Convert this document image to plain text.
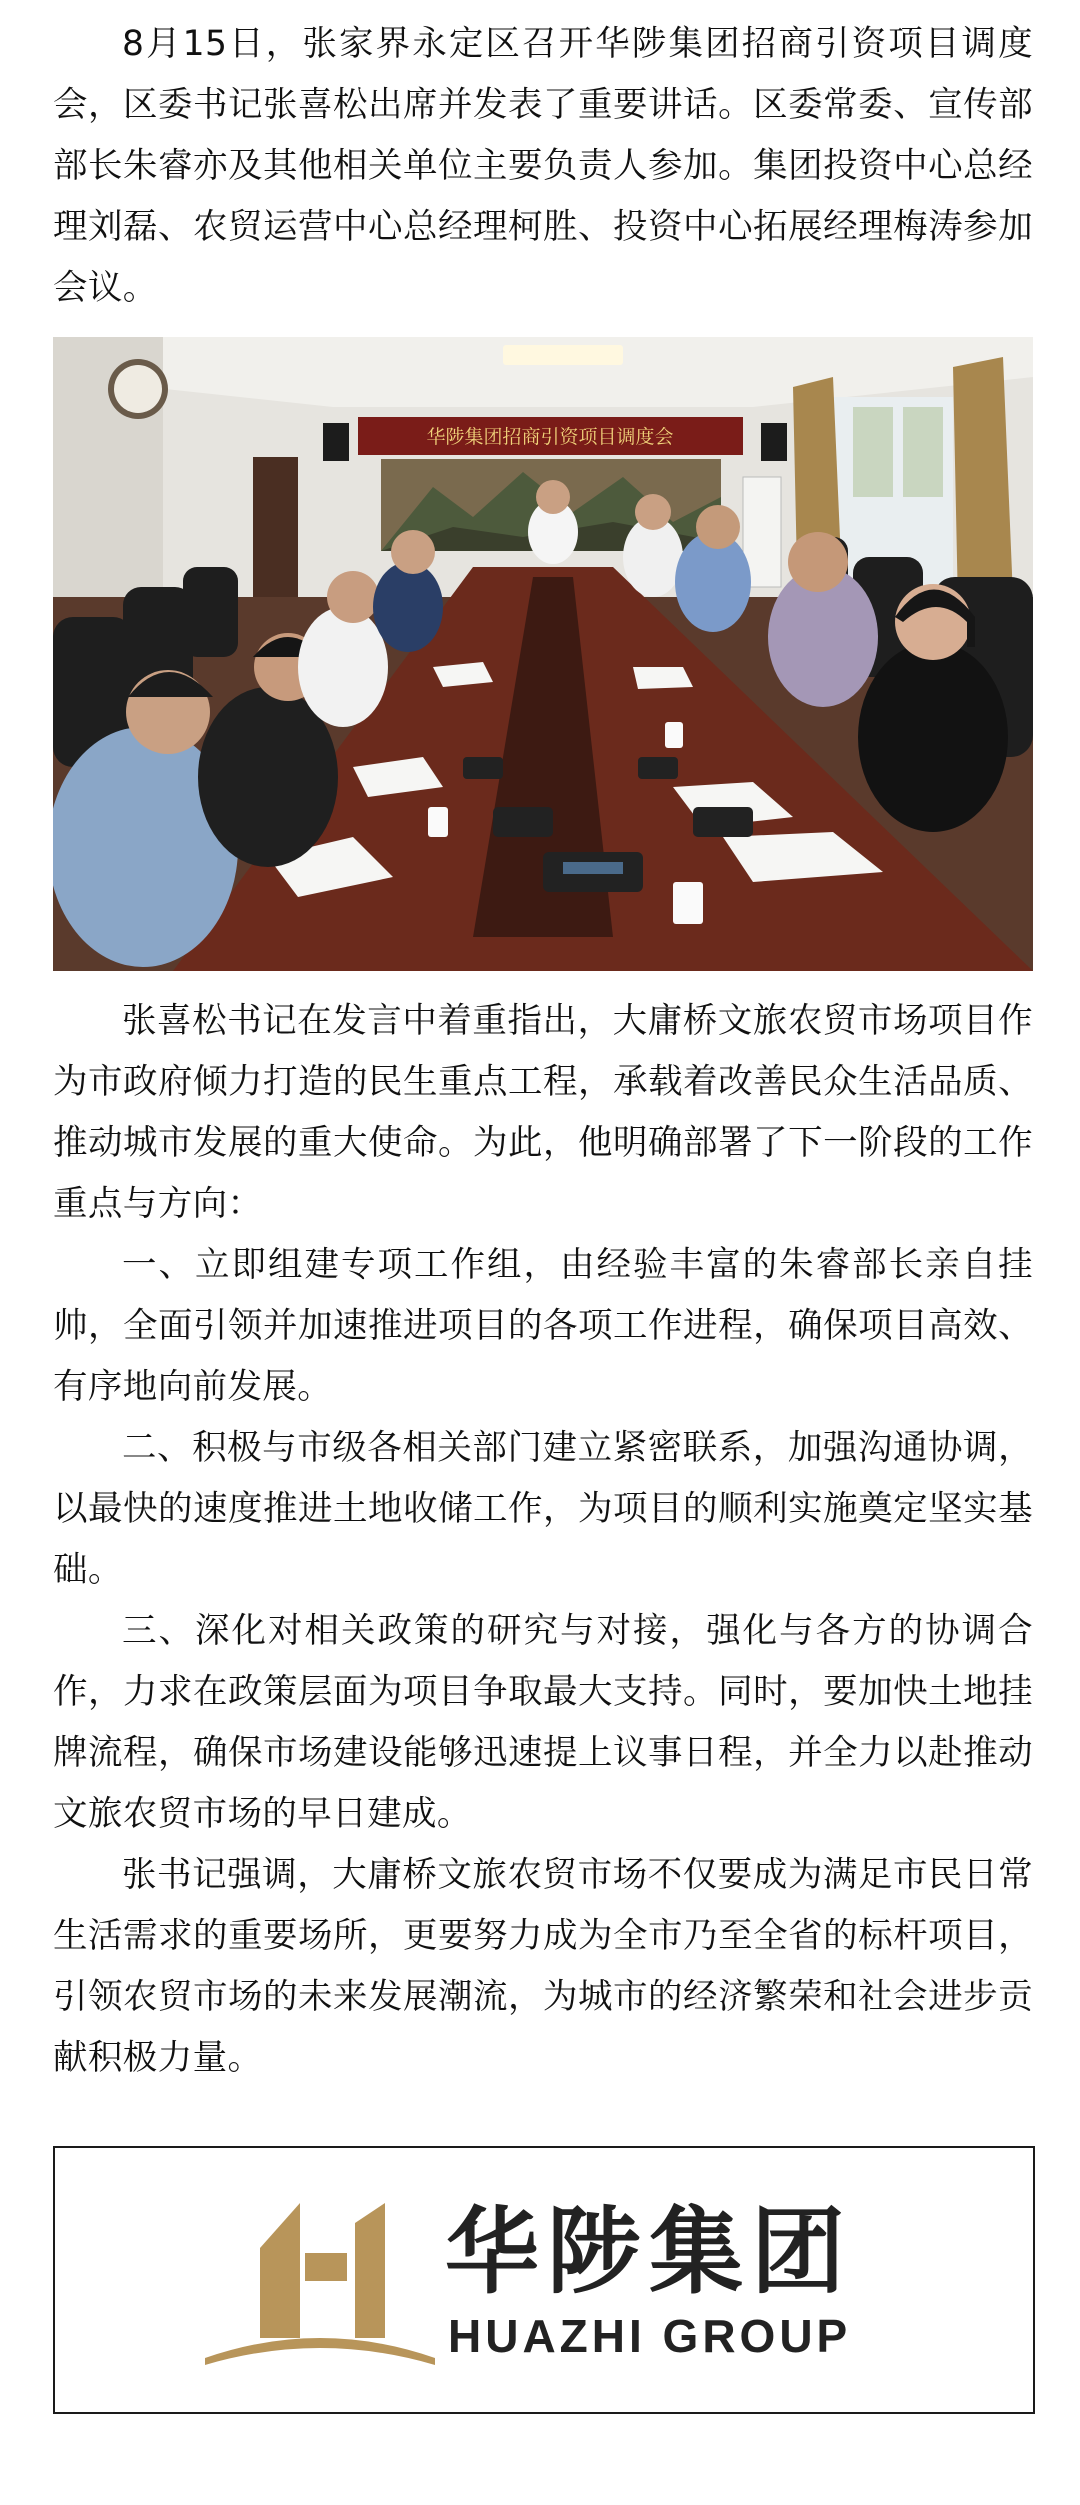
8月15日，张家界永定区召开华陟集团招商引资项目调度会，区委书记张喜松出席并发表了重要讲话。区委常委、宣传部部长朱睿亦及其他相关单位主要负责人参加。集团投资中心总经理刘磊、农贸运营中心总经理柯胜、投资中心拓展经理梅涛参加会议。

华陟集团招商引资项目调度会

张喜松书记在发言中着重指出，大庸桥文旅农贸市场项目作为市政府倾力打造的民生重点工程，承载着改善民众生活品质、推动城市发展的重大使命。为此，他明确部署了下一阶段的工作重点与方向：

一、立即组建专项工作组，由经验丰富的朱睿部长亲自挂帅，全面引领并加速推进项目的各项工作进程，确保项目高效、有序地向前发展。

二、积极与市级各相关部门建立紧密联系，加强沟通协调，以最快的速度推进土地收储工作，为项目的顺利实施奠定坚实基础。

三、深化对相关政策的研究与对接，强化与各方的协调合作，力求在政策层面为项目争取最大支持。同时，要加快土地挂牌流程，确保市场建设能够迅速提上议事日程，并全力以赴推动文旅农贸市场的早日建成。

张书记强调，大庸桥文旅农贸市场不仅要成为满足市民日常生活需求的重要场所，更要努力成为全市乃至全省的标杆项目，引领农贸市场的未来发展潮流，为城市的经济繁荣和社会进步贡献积极力量。

华陟集团
HUAZHI GROUP
